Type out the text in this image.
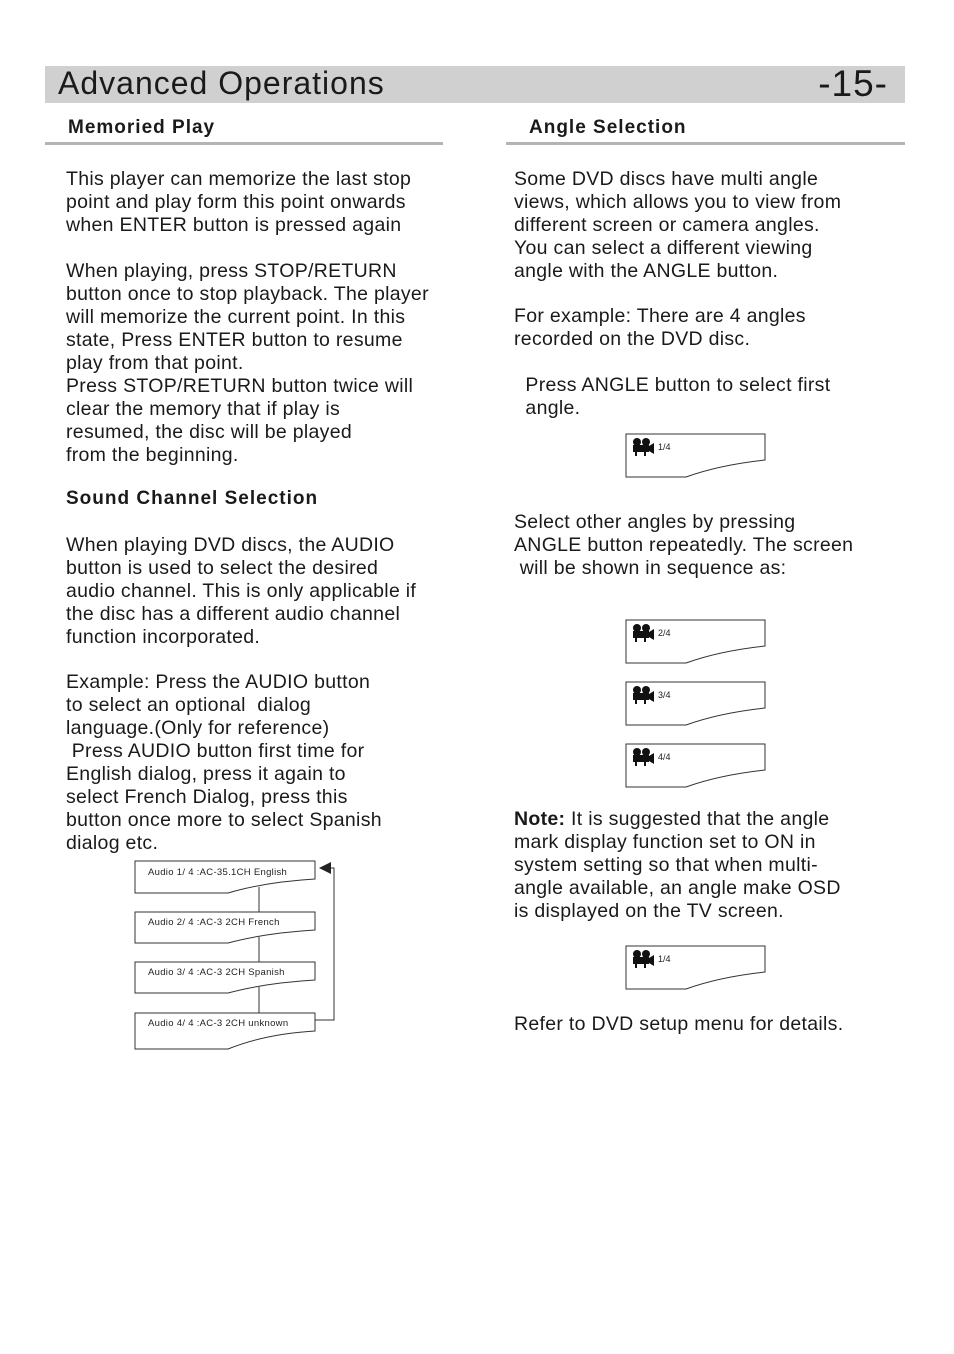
Advanced Operations	-15-
Memoried Play	Angle Selection

This player can memorize the last stop
point and play form this point onwards
when ENTER button is pressed again

When playing, press STOP/RETURN
button once to stop playback. The player
will memorize the current point. In this
state, Press ENTER button to resume
play from that point.
Press STOP/RETURN button twice will
clear the memory that if play is
resumed, the disc will be played
from the beginning.

Sound Channel Selection

When playing DVD discs, the AUDIO
button is used to select the desired
audio channel. This is only applicable if
the disc has a different audio channel
function incorporated.

Example: Press the AUDIO button
to select an optional  dialog
language.(Only for reference)
Press AUDIO button first time for
English dialog, press it again to
select French Dialog, press this
button once more to select Spanish
dialog etc.

Audio 1/ 4 :AC-35.1CH English
Audio 2/ 4 :AC-3 2CH French
Audio 3/ 4 :AC-3 2CH Spanish
Audio 4/ 4 :AC-3 2CH unknown

Some DVD discs have multi angle
views, which allows you to view from
different screen or camera angles.
You can select a different viewing
angle with the ANGLE button.

For example: There are 4 angles
recorded on the DVD disc.

Press ANGLE button to select first
angle.

1/4

Select other angles by pressing
ANGLE button repeatedly. The screen
will be shown in sequence as:

2/4
3/4
4/4

Note: It is suggested that the angle
mark display function set to ON in
system setting so that when multi-
angle available, an angle make OSD
is displayed on the TV screen.

1/4

Refer to DVD setup menu for details.
